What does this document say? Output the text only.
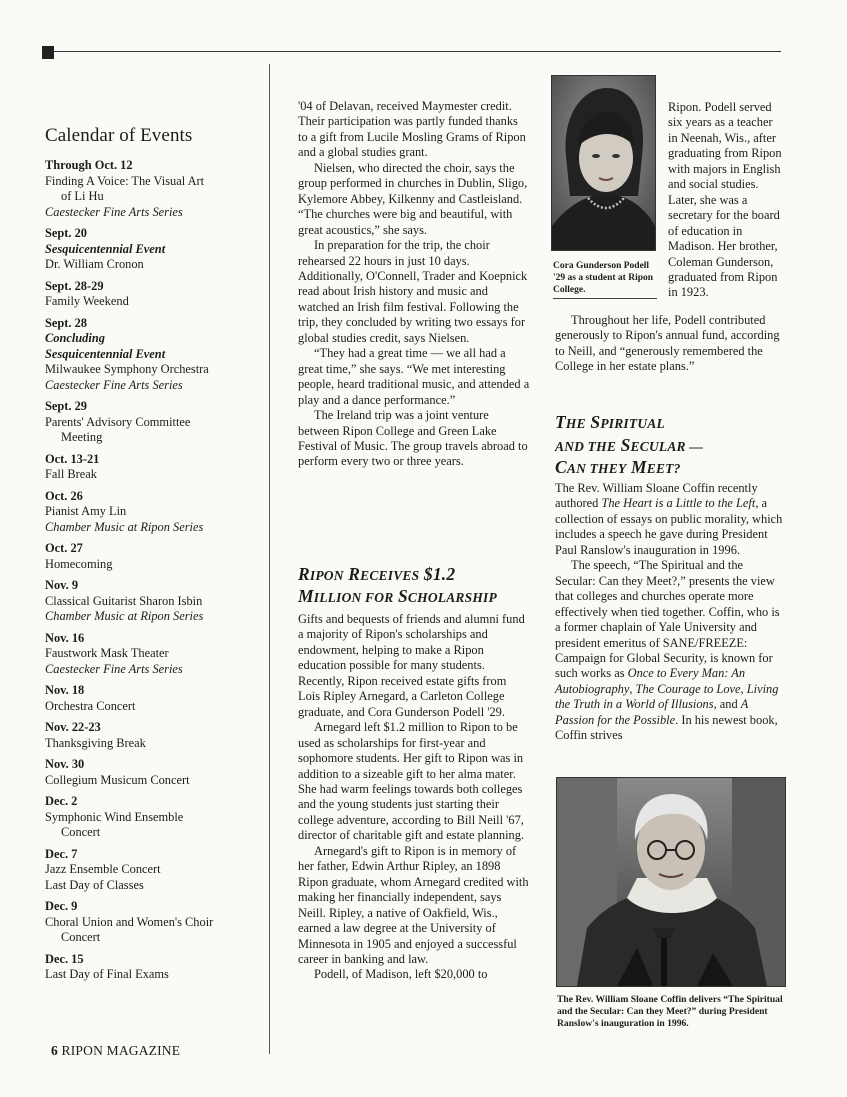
Calendar of Events
Through Oct. 12
Finding A Voice: The Visual Art
of Li Hu
Caestecker Fine Arts Series
Sept. 20
Sesquicentennial Event
Dr. William Cronon
Sept. 28-29
Family Weekend
Sept. 28
Concluding
Sesquicentennial Event
Milwaukee Symphony Orchestra
Caestecker Fine Arts Series
Sept. 29
Parents' Advisory Committee
Meeting
Oct. 13-21
Fall Break
Oct. 26
Pianist Amy Lin
Chamber Music at Ripon Series
Oct. 27
Homecoming
Nov. 9
Classical Guitarist Sharon Isbin
Chamber Music at Ripon Series
Nov. 16
Faustwork Mask Theater
Caestecker Fine Arts Series
Nov. 18
Orchestra Concert
Nov. 22-23
Thanksgiving Break
Nov. 30
Collegium Musicum Concert
Dec. 2
Symphonic Wind Ensemble
Concert
Dec. 7
Jazz Ensemble Concert
Last Day of Classes
Dec. 9
Choral Union and Women's Choir
Concert
Dec. 15
Last Day of Final Exams

'04 of Delavan, received Maymester credit. Their participation was partly funded thanks to a gift from Lucile Mosling Grams of Ripon and a global studies grant.

Nielsen, who directed the choir, says the group performed in churches in Dublin, Sligo, Kylemore Abbey, Kilkenny and Castleisland. “The churches were big and beautiful, with great acoustics,” she says.

In preparation for the trip, the choir rehearsed 22 hours in just 10 days. Additionally, O'Connell, Trader and Koepnick read about Irish history and music and watched an Irish film festival. Following the trip, they concluded by writing two essays for global studies credit, says Nielsen.

“They had a great time — we all had a great time,” she says. “We met interesting people, heard traditional music, and attended a play and a dance performance.”

The Ireland trip was a joint venture between Ripon College and Green Lake Festival of Music. The group travels abroad to perform every two or three years.

RIPON RECEIVES $1.2
MILLION FOR SCHOLARSHIP

Gifts and bequests of friends and alumni fund a majority of Ripon's scholarships and endowment, helping to make a Ripon education possible for many students. Recently, Ripon received estate gifts from Lois Ripley Arnegard, a Carleton College graduate, and Cora Gunderson Podell '29.

Arnegard left $1.2 million to Ripon to be used as scholarships for first-year and sophomore students. Her gift to Ripon was in addition to a sizeable gift to her alma mater. She had warm feelings towards both colleges and the young students just starting their college adventure, according to Bill Neill '67, director of charitable gift and estate planning.

Arnegard's gift to Ripon is in memory of her father, Edwin Arthur Ripley, an 1898 Ripon graduate, whom Arnegard credited with making her financially independent, says Neill. Ripley, a native of Oakfield, Wis., earned a law degree at the University of Minnesota in 1905 and enjoyed a successful career in banking and law.

Podell, of Madison, left $20,000 to

Cora Gunderson Podell '29 as a student at Ripon College.

Ripon. Podell served six years as a teacher in Neenah, Wis., after graduating from Ripon with majors in English and social studies. Later, she was a secretary for the board of education in Madison. Her brother, Coleman Gunderson, graduated from Ripon in 1923.

Throughout her life, Podell contributed generously to Ripon's annual fund, according to Neill, and “generously remembered the College in her estate plans.”

THE SPIRITUAL
AND THE SECULAR —
CAN THEY MEET?

The Rev. William Sloane Coffin recently authored The Heart is a Little to the Left, a collection of essays on public morality, which includes a speech he gave during President Paul Ranslow's inauguration in 1996.

The speech, “The Spiritual and the Secular: Can they Meet?,” presents the view that colleges and churches operate more effectively when tied together. Coffin, who is a former chaplain of Yale University and president emeritus of SANE/FREEZE: Campaign for Global Security, is known for such works as Once to Every Man: An Autobiography, The Courage to Love, Living the Truth in a World of Illusions, and A Passion for the Possible. In his newest book, Coffin strives

The Rev. William Sloane Coffin delivers “The Spiritual and the Secular: Can they Meet?” during President Ranslow's inauguration in 1996.
6 RIPON MAGAZINE
